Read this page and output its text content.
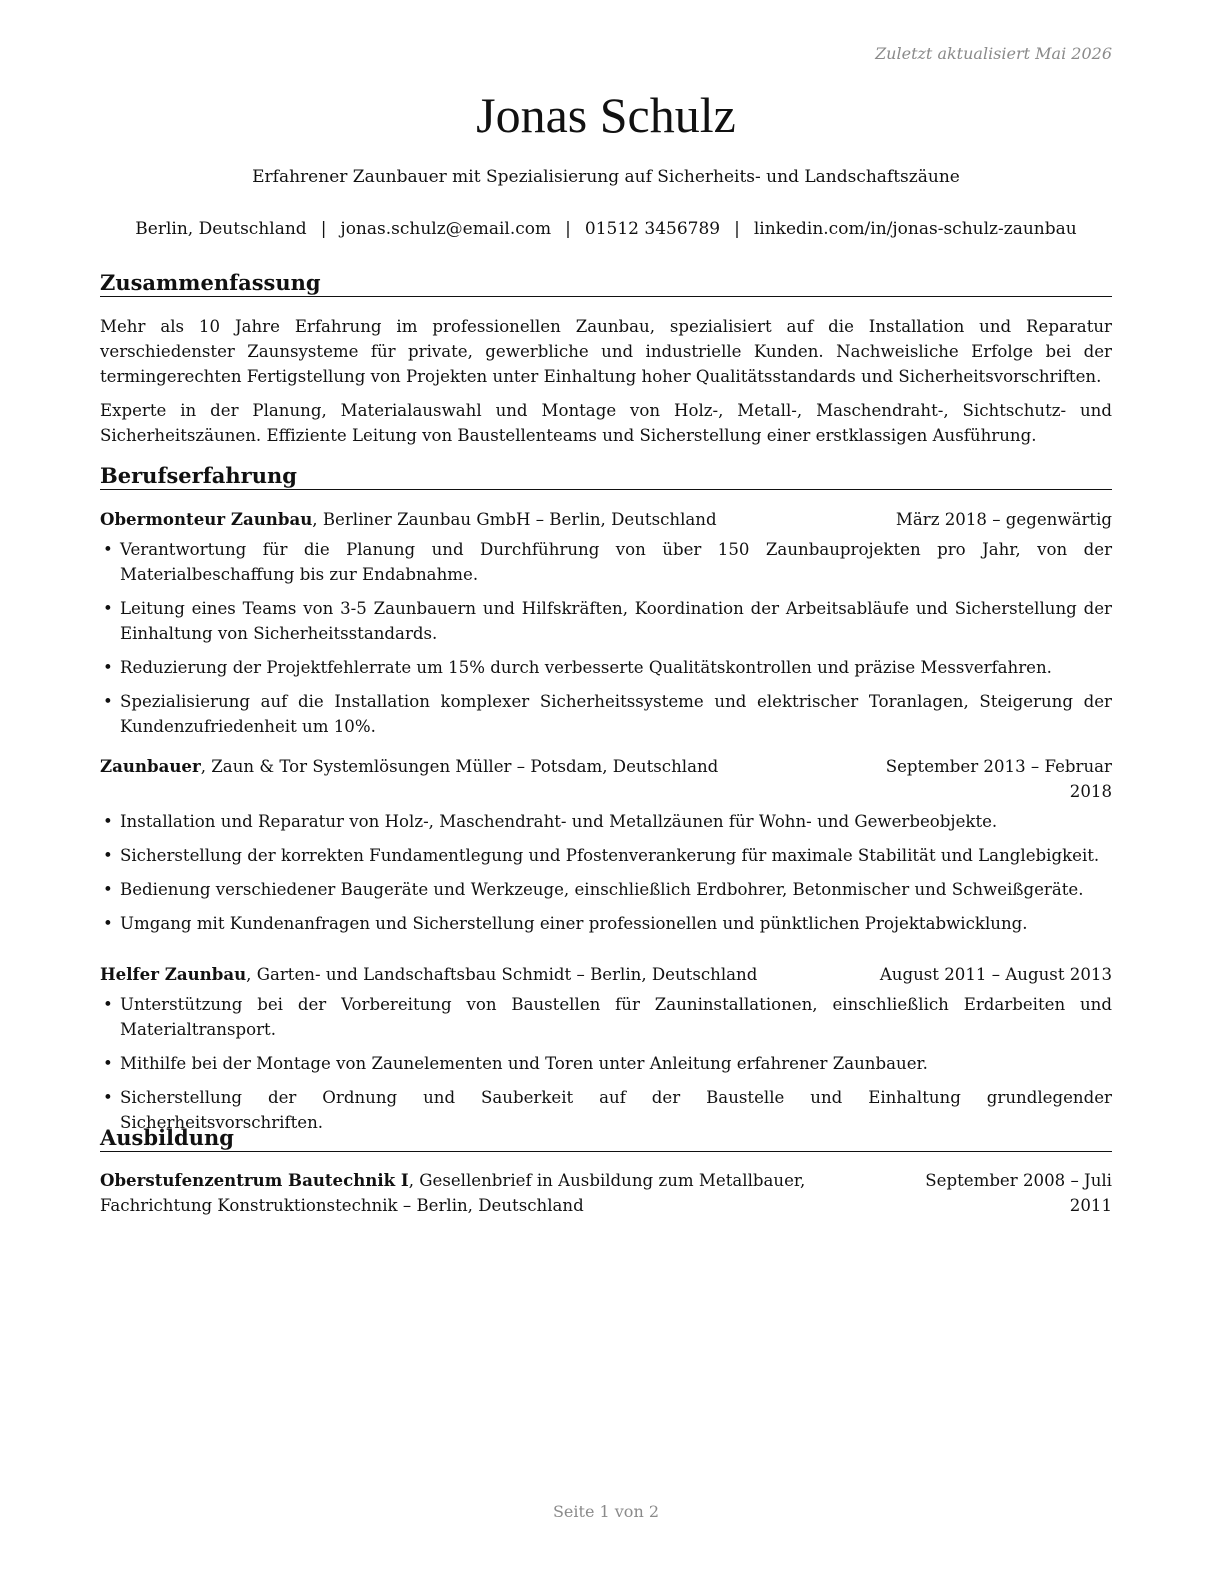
Zuletzt aktualisiert Mai 2026
Jonas Schulz
Erfahrener Zaunbauer mit Spezialisierung auf Sicherheits- und Landschaftszäune
Berlin, Deutschland | jonas.schulz@email.com | 01512 3456789 | linkedin.com/in/jonas-schulz-zaunbau
Zusammenfassung
Mehr als 10 Jahre Erfahrung im professionellen Zaunbau, spezialisiert auf die Installation und Reparatur verschiedenster Zaunsysteme für private, gewerbliche und industrielle Kunden. Nachweisliche Erfolge bei der termingerechten Fertigstellung von Projekten unter Einhaltung hoher Qualitätsstandards und Sicherheitsvorschriften.
Experte in der Planung, Materialauswahl und Montage von Holz-, Metall-, Maschendraht-, Sichtschutz- und Sicherheitszäunen. Effiziente Leitung von Baustellenteams und Sicherstellung einer erstklassigen Ausführung.
Berufserfahrung
Obermonteur Zaunbau, Berliner Zaunbau GmbH – Berlin, Deutschland	März 2018 – gegenwärtig
• Verantwortung für die Planung und Durchführung von über 150 Zaunbauprojekten pro Jahr, von der Materialbeschaffung bis zur Endabnahme.
• Leitung eines Teams von 3-5 Zaunbauern und Hilfskräften, Koordination der Arbeitsabläufe und Sicherstellung der Einhaltung von Sicherheitsstandards.
• Reduzierung der Projektfehlerrate um 15% durch verbesserte Qualitätskontrollen und präzise Messverfahren.
• Spezialisierung auf die Installation komplexer Sicherheitssysteme und elektrischer Toranlagen, Steigerung der Kundenzufriedenheit um 10%.
Zaunbauer, Zaun & Tor Systemlösungen Müller – Potsdam, Deutschland	September 2013 – Februar 2018
• Installation und Reparatur von Holz-, Maschendraht- und Metallzäunen für Wohn- und Gewerbeobjekte.
• Sicherstellung der korrekten Fundamentlegung und Pfostenverankerung für maximale Stabilität und Langlebigkeit.
• Bedienung verschiedener Baugeräte und Werkzeuge, einschließlich Erdbohrer, Betonmischer und Schweißgeräte.
• Umgang mit Kundenanfragen und Sicherstellung einer professionellen und pünktlichen Projektabwicklung.
Helfer Zaunbau, Garten- und Landschaftsbau Schmidt – Berlin, Deutschland	August 2011 – August 2013
• Unterstützung bei der Vorbereitung von Baustellen für Zauninstallationen, einschließlich Erdarbeiten und Materialtransport.
• Mithilfe bei der Montage von Zaunelementen und Toren unter Anleitung erfahrener Zaunbauer.
• Sicherstellung der Ordnung und Sauberkeit auf der Baustelle und Einhaltung grundlegender Sicherheitsvorschriften.
Ausbildung
Oberstufenzentrum Bautechnik I, Gesellenbrief in Ausbildung zum Metallbauer, Fachrichtung Konstruktionstechnik – Berlin, Deutschland
September 2008 – Juli 2011
Seite 1 von 2
